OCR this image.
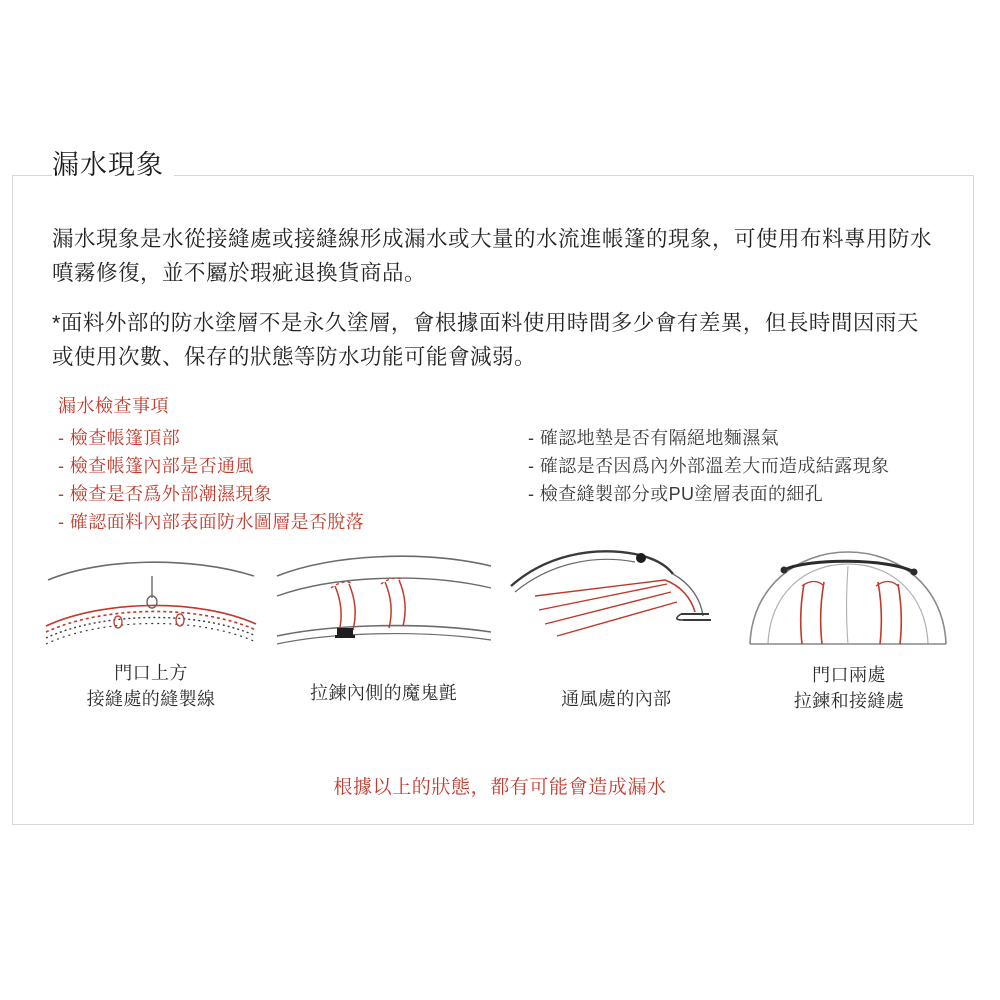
漏水現象
漏水現象是水從接縫處或接縫線形成漏水或大量的水流進帳篷的現象，可使用布料專用防水噴霧修復，並不屬於瑕疵退換貨商品。
*面料外部的防水塗層不是永久塗層，會根據面料使用時間多少會有差異，但長時間因雨天或使用次數、保存的狀態等防水功能可能會減弱。
漏水檢查事項
- 檢查帳篷頂部
- 檢查帳篷內部是否通風
- 檢查是否爲外部潮濕現象
- 確認面料內部表面防水圖層是否脫落
- 確認地墊是否有隔絕地麵濕氣
- 確認是否因爲內外部溫差大而造成結露現象
- 檢查縫製部分或PU塗層表面的細孔
門口上方
接縫處的縫製線	拉鍊內側的魔鬼氈	通風處的內部
門口兩處
拉鍊和接縫處
根據以上的狀態，都有可能會造成漏水
